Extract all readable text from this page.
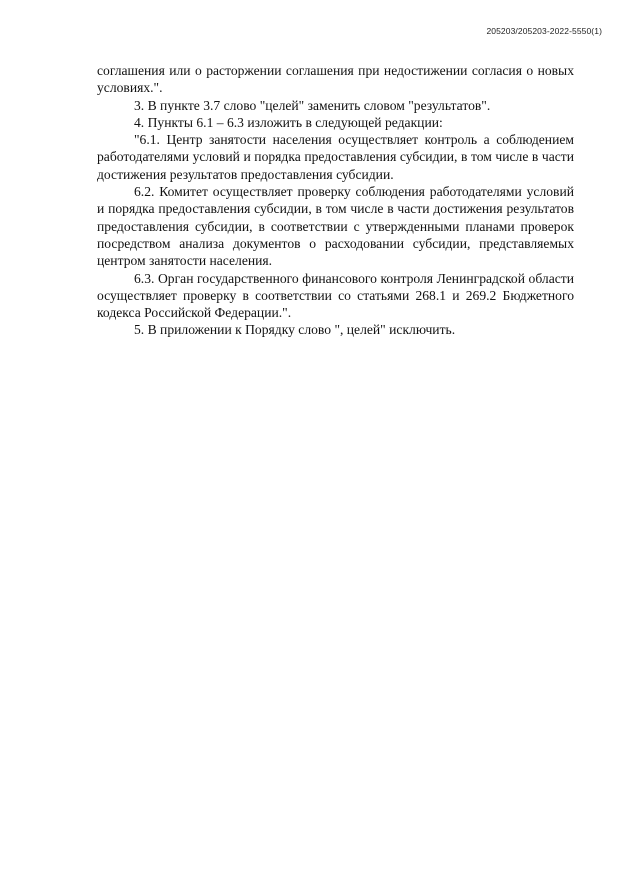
205203/205203-2022-5550(1)

соглашения или о расторжении соглашения при недостижении согласия о новых условиях.".

3. В пункте 3.7 слово "целей" заменить словом "результатов".

4. Пункты 6.1 – 6.3 изложить в следующей редакции:

"6.1. Центр занятости населения осуществляет контроль а соблюдением работодателями условий и порядка предоставления субсидии, в том числе в части достижения результатов предоставления субсидии.

6.2. Комитет осуществляет проверку соблюдения работодателями условий и порядка предоставления субсидии, в том числе в части достижения результатов предоставления субсидии, в соответствии с утвержденными планами проверок посредством анализа документов о расходовании субсидии, представляемых центром занятости населения.

6.3. Орган государственного финансового контроля Ленинградской области осуществляет проверку в соответствии со статьями 268.1 и 269.2 Бюджетного кодекса Российской Федерации.".

5. В приложении к Порядку слово ", целей" исключить.
